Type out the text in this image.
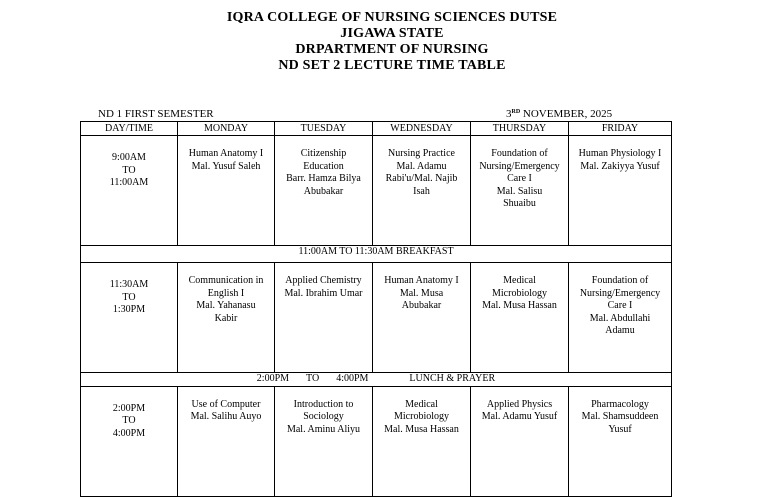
IQRA COLLEGE OF NURSING SCIENCES DUTSE
JIGAWA STATE
DRPARTMENT OF NURSING
ND SET 2 LECTURE TIME TABLE
ND 1 FIRST SEMESTER	3RD NOVEMBER, 2025
DAY/TIME	MONDAY	TUESDAY	WEDNESDAY	THURSDAY	FRIDAY

9:00AM
TO
11:00AM	Human Anatomy I
Mal. Yusuf Saleh	Citizenship
Education
Barr. Hamza Bilya
Abubakar	Nursing Practice
Mal. Adamu
Rabi'u/Mal. Najib
Isah	Foundation of
Nursing/Emergency
Care I
Mal. Salisu
Shuaibu	Human Physiology I
Mal. Zakiyya Yusuf

11:00AM TO 11:30AM BREAKFAST					

11:30AM
TO
1:30PM	Communication in
English I
Mal. Yahanasu
Kabir	Applied Chemistry
Mal. Ibrahim Umar	Human Anatomy I
Mal. Musa
Abubakar	Medical
Microbiology
Mal. Musa Hassan	Foundation of
Nursing/Emergency
Care I
Mal. Abdullahi
Adamu

2:00PM TO 4:00PM LUNCH & PRAYER					

2:00PM
TO
4:00PM	Use of Computer
Mal. Salihu Auyo	Introduction to
Sociology
Mal. Aminu Aliyu	Medical
Microbiology
Mal. Musa Hassan	Applied Physics
Mal. Adamu Yusuf	Pharmacology
Mal. Shamsuddeen
Yusuf
